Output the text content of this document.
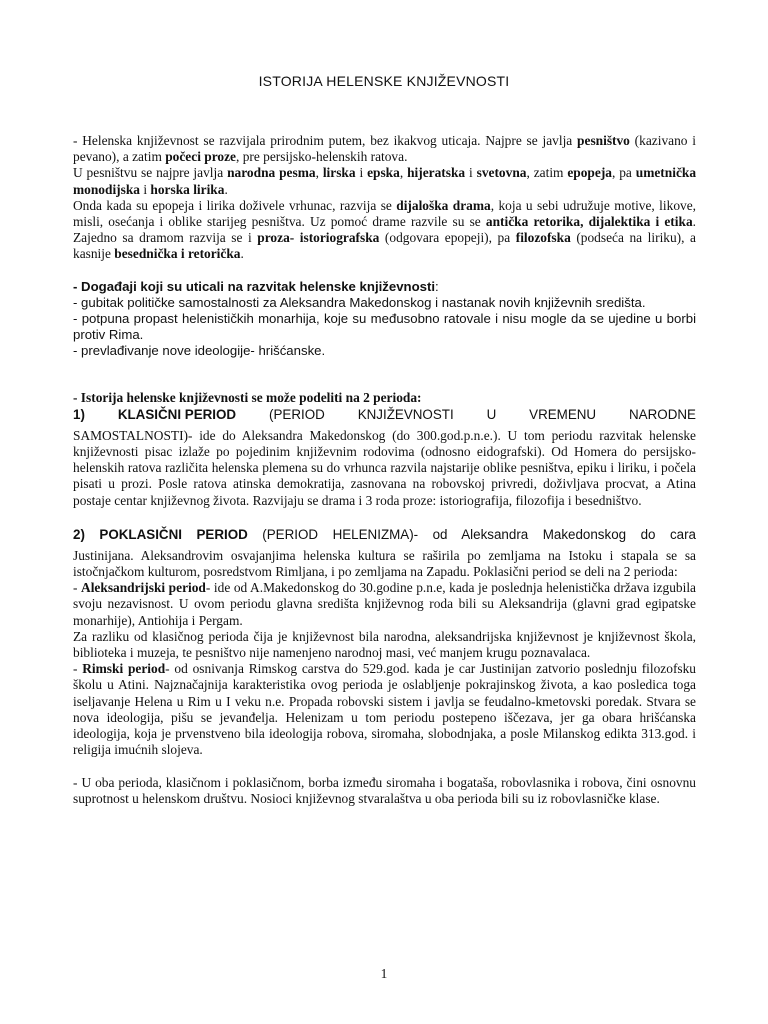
ISTORIJA HELENSKE KNJIŽEVNOSTI

- Helenska književnost se razvijala prirodnim putem, bez ikakvog uticaja. Najpre se javlja pesništvo (kazivano i pevano), a zatim počeci proze, pre persijsko-helenskih ratova.

U pesništvu se najpre javlja narodna pesma, lirska i epska, hijeratska i svetovna, zatim epopeja, pa umetnička monodijska i horska lirika.

Onda kada su epopeja i lirika doživele vrhunac, razvija se dijaloška drama, koja u sebi udružuje motive, likove, misli, osećanja i oblike starijeg pesništva. Uz pomoć drame razvile su se antička retorika, dijalektika i etika. Zajedno sa dramom razvija se i proza- istoriografska (odgovara epopeji), pa filozofska (podseća na liriku), a kasnije besednička i retorička.

- Događaji koji su uticali na razvitak helenske književnosti:

- gubitak političke samostalnosti za Aleksandra Makedonskog i nastanak novih književnih središta.

- potpuna propast helenističkih monarhija, koje su međusobno ratovale i nisu mogle da se ujedine u borbi protiv Rima.

- prevlađivanje nove ideologije- hrišćanske.

- Istorija helenske književnosti se može podeliti na 2 perioda:

1) KLASIČNI PERIOD (PERIOD KNJIŽEVNOSTI U VREMENU NARODNE

SAMOSTALNOSTI)- ide do Aleksandra Makedonskog (do 300.god.p.n.e.). U tom periodu razvitak helenske književnosti pisac izlaže po pojedinim književnim rodovima (odnosno eidografski). Od Homera do persijsko-helenskih ratova različita helenska plemena su do vrhunca razvila najstarije oblike pesništva, epiku i liriku, i počela pisati u prozi. Posle ratova atinska demokratija, zasnovana na robovskoj privredi, doživljava procvat, a Atina postaje centar književnog života. Razvijaju se drama i 3 roda proze: istoriografija, filozofija i besedništvo.

2) POKLASIČNI PERIOD (PERIOD HELENIZMA)- od Aleksandra Makedonskog do cara

Justinijana. Aleksandrovim osvajanjima helenska kultura se raširila po zemljama na Istoku i stapala se sa istočnjačkom kulturom, posredstvom Rimljana, i po zemljama na Zapadu. Poklasični period se deli na 2 perioda:

- Aleksandrijski period- ide od A.Makedonskog do 30.godine p.n.e, kada je poslednja helenistička država izgubila svoju nezavisnost. U ovom periodu glavna središta književnog roda bili su Aleksandrija (glavni grad egipatske monarhije), Antiohija i Pergam.

Za razliku od klasičnog perioda čija je književnost bila narodna, aleksandrijska književnost je književnost škola, biblioteka i muzeja, te pesništvo nije namenjeno narodnoj masi, već manjem krugu poznavalaca.

- Rimski period- od osnivanja Rimskog carstva do 529.god. kada je car Justinijan zatvorio poslednju filozofsku školu u Atini. Najznačajnija karakteristika ovog perioda je oslabljenje pokrajinskog života, a kao posledica toga iseljavanje Helena u Rim u I veku n.e. Propada robovski sistem i javlja se feudalno-kmetovski poredak. Stvara se nova ideologija, pišu se jevanđelja. Helenizam u tom periodu postepeno iščezava, jer ga obara hrišćanska ideologija, koja je prvenstveno bila ideologija robova, siromaha, slobodnjaka, a posle Milanskog edikta 313.god. i religija imućnih slojeva.

- U oba perioda, klasičnom i poklasičnom, borba između siromaha i bogataša, robovlasnika i robova, čini osnovnu suprotnost u helenskom društvu. Nosioci književnog stvaralaštva u oba perioda bili su iz robovlasničke klase.

1
